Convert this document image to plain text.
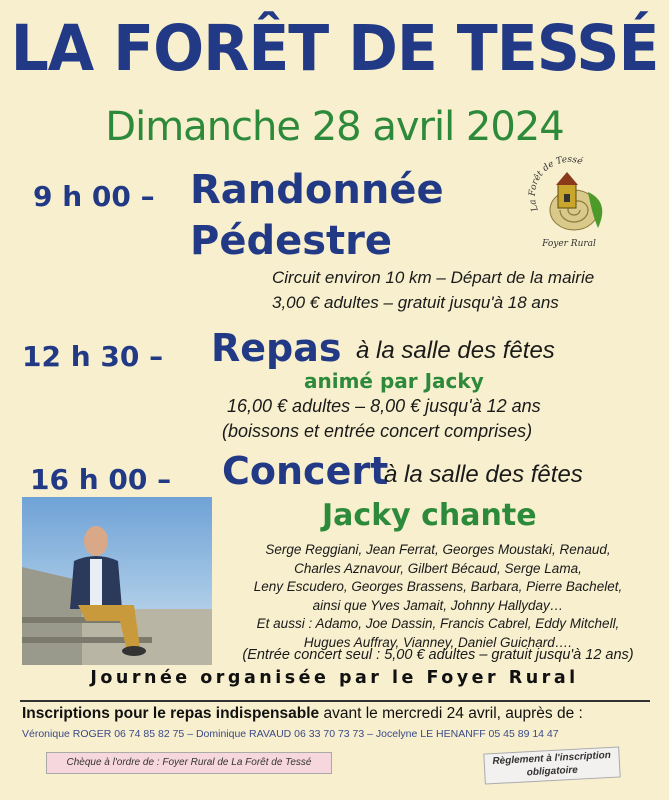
LA FORÊT DE TESSÉ
Dimanche 28 avril 2024
La Forêt de Tessé
Foyer Rural
9 h 00 – Randonnée
Pédestre
Circuit environ 10 km – Départ de la mairie
3,00 € adultes – gratuit jusqu'à 18 ans
12 h 30 – Repas à la salle des fêtes
animé par Jacky
16,00 € adultes – 8,00 € jusqu'à 12 ans
(boissons et entrée concert comprises)
16 h 00 – Concert
à la salle des fêtes
Jacky chante
Serge Reggiani, Jean Ferrat, Georges Moustaki, Renaud,
Charles Aznavour, Gilbert Bécaud, Serge Lama,
Leny Escudero, Georges Brassens, Barbara, Pierre Bachelet,
ainsi que Yves Jamait, Johnny Hallyday…
Et aussi : Adamo, Joe Dassin, Francis Cabrel, Eddy Mitchell,
Hugues Auffray, Vianney, Daniel Guichard….
(Entrée concert seul : 5,00 € adultes – gratuit jusqu'à 12 ans)
Journée organisée par le Foyer Rural
Inscriptions pour le repas indispensable avant le mercredi 24 avril, auprès de :
Véronique ROGER 06 74 85 82 75 – Dominique RAVAUD 06 33 70 73 73 – Jocelyne LE HENANFF 05 45 89 14 47
Chèque à l'ordre de : Foyer Rural de La Forêt de Tessé	Règlement à l'inscription
obligatoire
